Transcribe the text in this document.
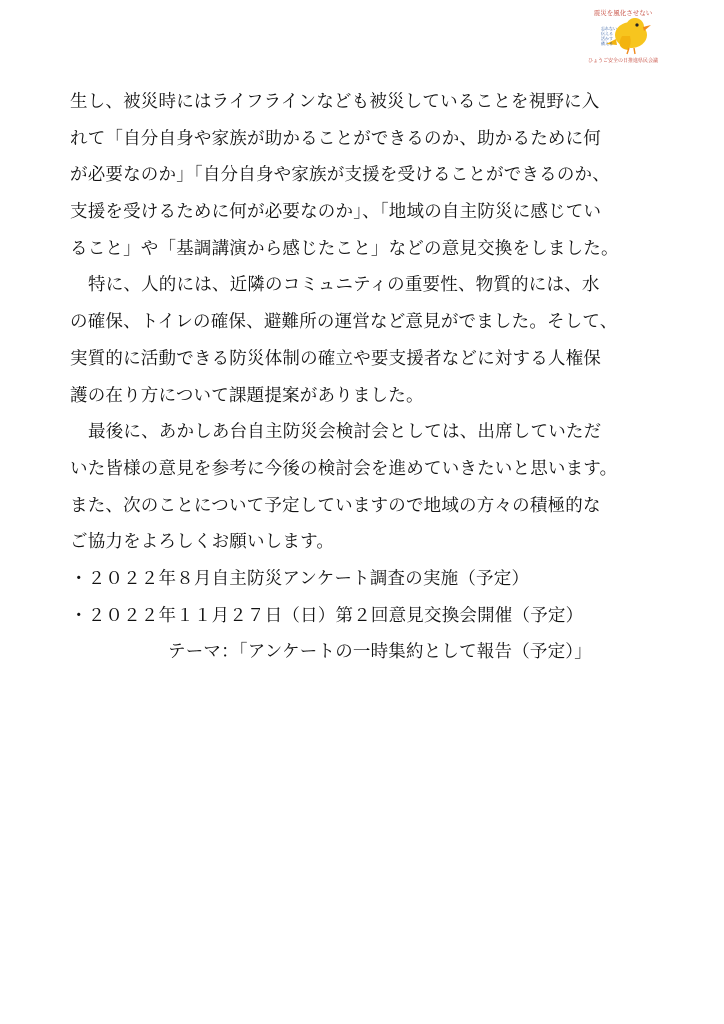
震災を風化させない
忘れない
伝える
活かす
備える
ひょうご安全の日推進県民会議
生し、被災時にはライフラインなども被災していることを視野に入
れて「自分自身や家族が助かることができるのか、助かるために何
が必要なのか」「自分自身や家族が支援を受けることができるのか、
支援を受けるために何が必要なのか」、「地域の自主防災に感じてい
ること」や「基調講演から感じたこと」などの意見交換をしました。
特に、人的には、近隣のコミュニティの重要性、物質的には、水
の確保、トイレの確保、避難所の運営など意見がでました。そして、
実質的に活動できる防災体制の確立や要支援者などに対する人権保
護の在り方について課題提案がありました。
最後に、あかしあ台自主防災会検討会としては、出席していただ
いた皆様の意見を参考に今後の検討会を進めていきたいと思います。
また、次のことについて予定していますので地域の方々の積極的な
ご協力をよろしくお願いします。
・２０２２年８月自主防災アンケート調査の実施（予定）
・２０２２年１１月２７日（日）第２回意見交換会開催（予定）
テーマ：「アンケートの一時集約として報告（予定）」
